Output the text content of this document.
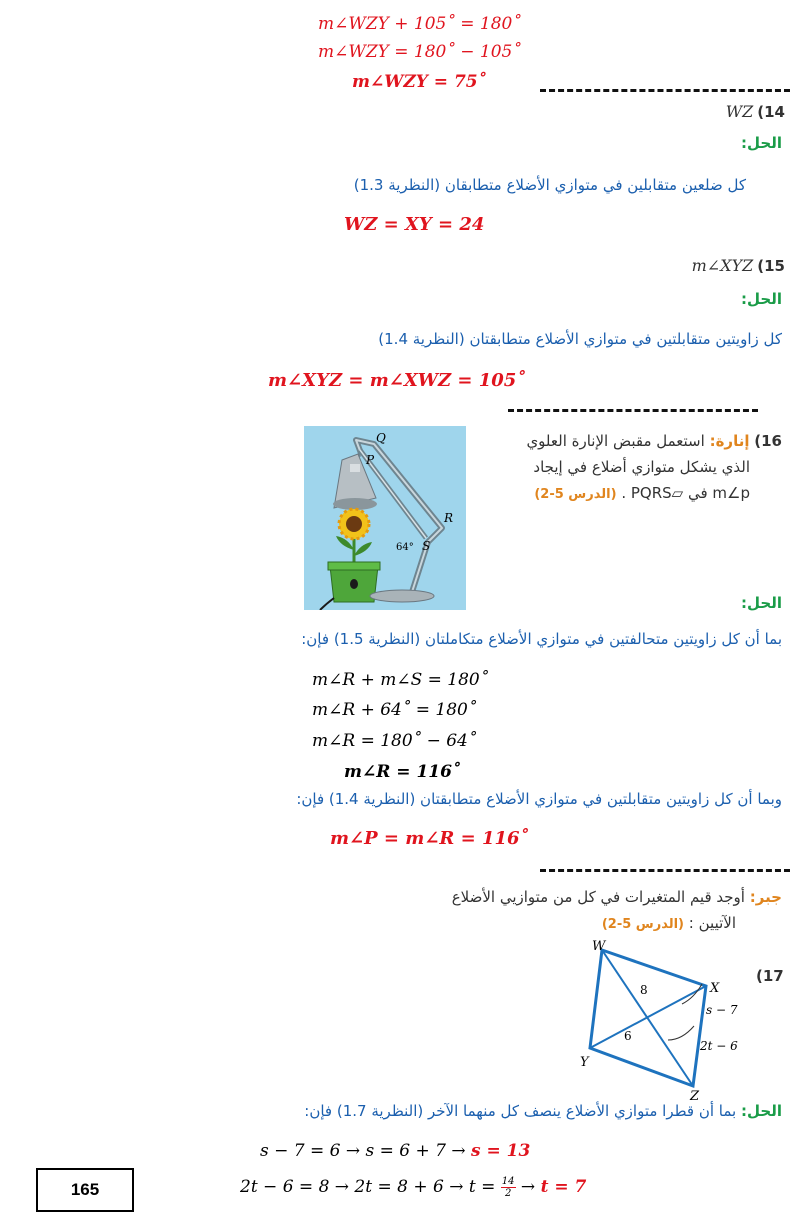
m∠WZY + 105˚ = 180˚
m∠WZY = 180˚ − 105˚
m∠WZY = 75˚
WZ (14
الحل:
كل ضلعين متقابلين في متوازي الأضلاع متطابقان (النظرية 1.3)
WZ = XY = 24
m∠XYZ (15
الحل:
كل زاويتين متقابلتين في متوازي الأضلاع متطابقتان (النظرية 1.4)
m∠XYZ = m∠XWZ = 105˚
16) إنارة: استعمل مقبض الإنارة العلوي
الذي يشكل متوازي أضلاع في إيجاد
m∠p في ▱PQRS . (الدرس 5-2)
Q
P
R
S
64°
الحل:
بما أن كل زاويتين متحالفتين في متوازي الأضلاع متكاملتان (النظرية 1.5) فإن:
m∠R + m∠S = 180˚
m∠R + 64˚ = 180˚
m∠R = 180˚ − 64˚
m∠R = 116˚
وبما أن كل زاويتين متقابلتين في متوازي الأضلاع متطابقتان (النظرية 1.4) فإن:
m∠P = m∠R = 116˚
جبر: أوجد قيم المتغيرات في كل من متوازيي الأضلاع
الآتيين : (الدرس 5-2)
(17
W
X
Y
Z
8
6
s − 7
2t − 6
الحل: بما أن قطرا متوازي الأضلاع ينصف كل منهما الآخر (النظرية 1.7) فإن:
s − 7 = 6 → s = 6 + 7 → s = 13
$2t - 6 = 8 \to 2t = 8 + 6 \to t = \frac{14}{2} \to t = 7$
165
